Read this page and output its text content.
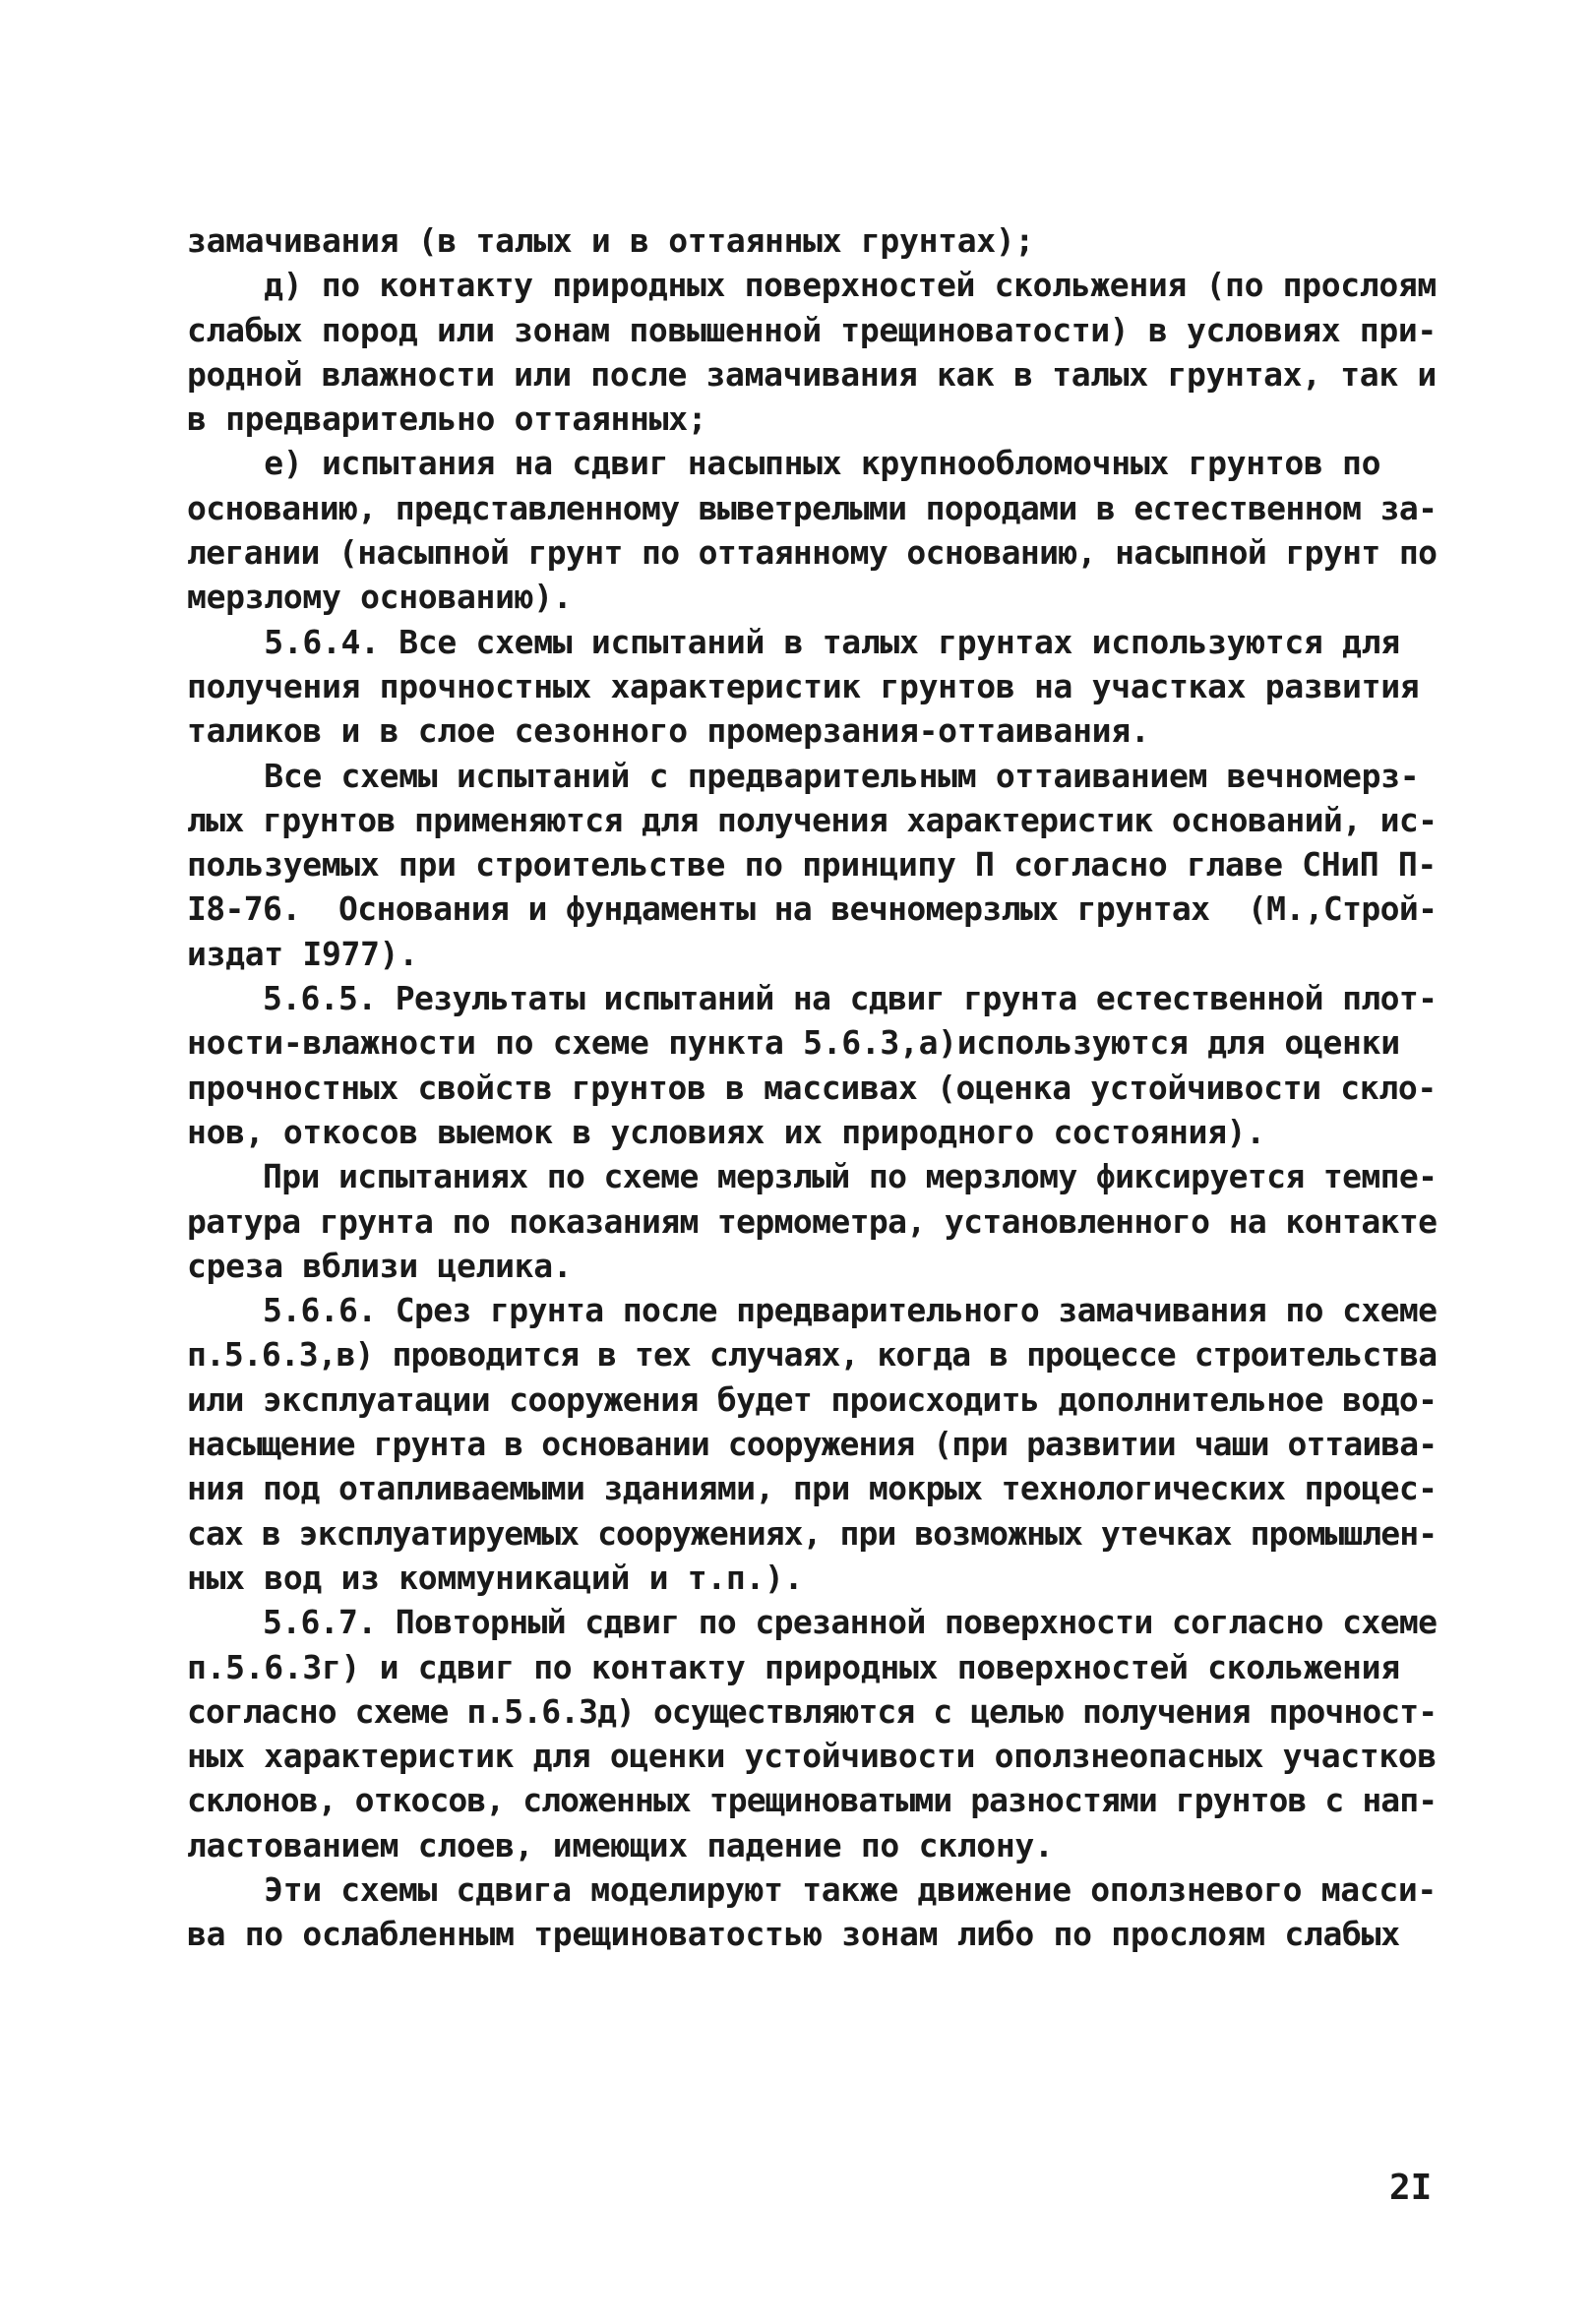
замачивания (в талых и в оттаянных грунтах);
д) по контакту природных поверхностей скольжения (по прослоям
слабых пород или зонам повышенной трещиноватости) в условиях при-
родной влажности или после замачивания как в талых грунтах, так и
в предварительно оттаянных;
е) испытания на сдвиг насыпных крупнообломочных грунтов по
основанию, представленному выветрелыми породами в естественном за-
легании (насыпной грунт по оттаянному основанию, насыпной грунт по
мерзлому основанию).
5.6.4. Все схемы испытаний в талых грунтах используются для
получения прочностных характеристик грунтов на участках развития
таликов и в слое сезонного промерзания-оттаивания.
Все схемы испытаний с предварительным оттаиванием вечномерз-
лых грунтов применяются для получения характеристик оснований, ис-
пользуемых при строительстве по принципу П согласно главе СНиП П-
I8-76.  Основания и фундаменты на вечномерзлых грунтах  (М.,Строй-
издат I977).
5.6.5. Результаты испытаний на сдвиг грунта естественной плот-
ности-влажности по схеме пункта 5.6.3,а)используются для оценки
прочностных свойств грунтов в массивах (оценка устойчивости скло-
нов, откосов выемок в условиях их природного состояния).
При испытаниях по схеме мерзлый по мерзлому фиксируется темпе-
ратура грунта по показаниям термометра, установленного на контакте
среза вблизи целика.
5.6.6. Срез грунта после предварительного замачивания по схеме
п.5.6.3,в) проводится в тех случаях, когда в процессе строительства
или эксплуатации сооружения будет происходить дополнительное водо-
насыщение грунта в основании сооружения (при развитии чаши оттаива-
ния под отапливаемыми зданиями, при мокрых технологических процес-
сах в эксплуатируемых сооружениях, при возможных утечках промышлен-
ных вод из коммуникаций и т.п.).
5.6.7. Повторный сдвиг по срезанной поверхности согласно схеме
п.5.6.3г) и сдвиг по контакту природных поверхностей скольжения
согласно схеме п.5.6.3д) осуществляются с целью получения прочност-
ных характеристик для оценки устойчивости оползнеопасных участков
склонов, откосов, сложенных трещиноватыми разностями грунтов с нап-
ластованием слоев, имеющих падение по склону.
Эти схемы сдвига моделируют также движение оползневого масси-
ва по ослабленным трещиноватостью зонам либо по прослоям слабых
2I
